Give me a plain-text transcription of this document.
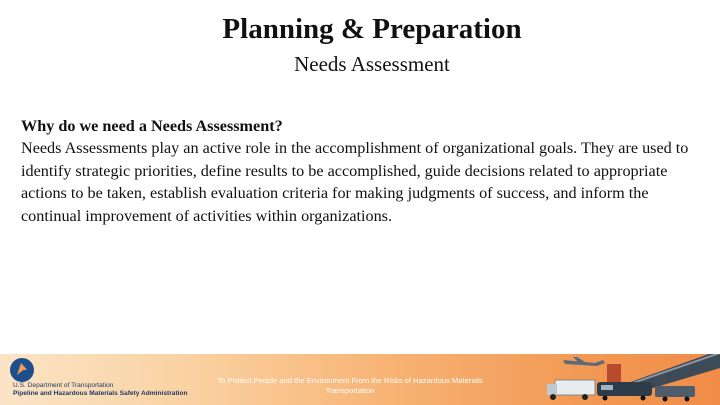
Planning & Preparation
Needs Assessment
Why do we need a Needs Assessment?
Needs Assessments play an active role in the accomplishment of organizational goals. They are used to identify strategic priorities, define results to be accomplished, guide decisions related to appropriate actions to be taken, establish evaluation criteria for making judgments of success, and inform the continual improvement of activities within organizations.
U.S. Department of Transportation
Pipeline and Hazardous Materials Safety Administration
To Protect People and the Environment From the Risks of Hazardous Materials Transportation
